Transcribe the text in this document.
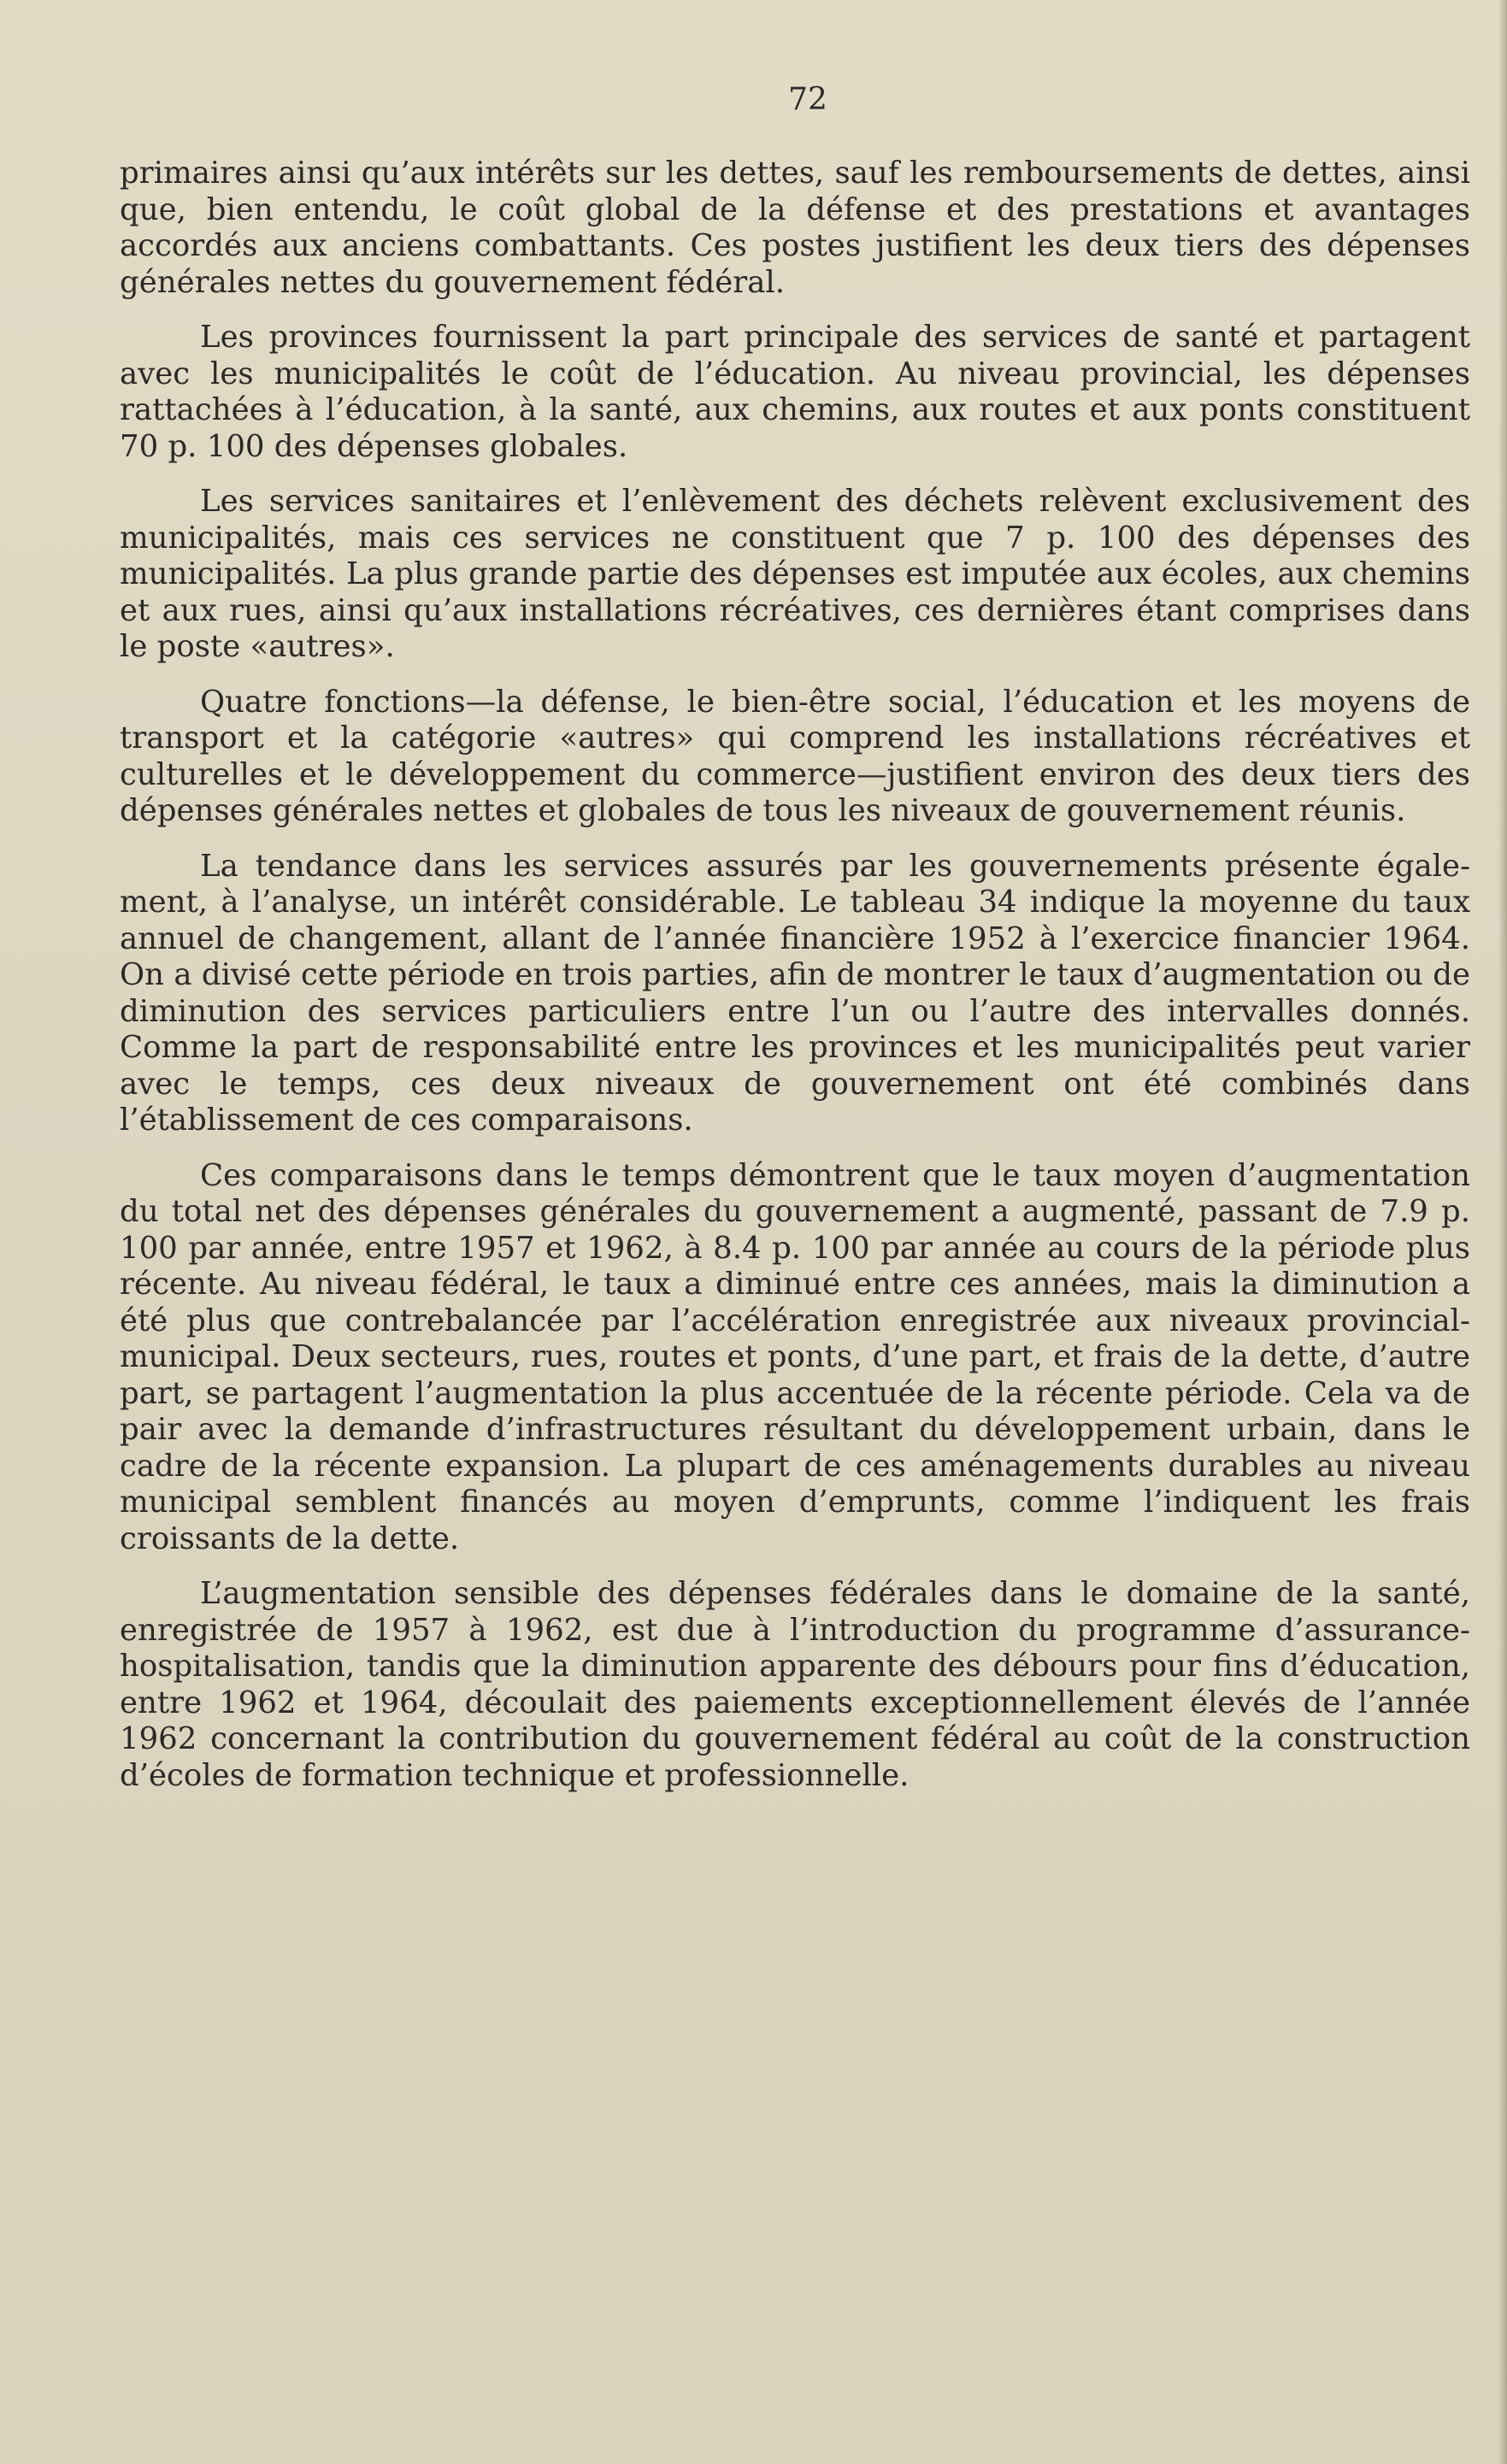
72

primaires ainsi qu’aux intérêts sur les dettes, sauf les remboursements de dettes, ainsi que, bien entendu, le coût global de la défense et des prestations et avantages accordés aux anciens combattants. Ces postes justifient les deux tiers des dépenses générales nettes du gouvernement fédéral.

Les provinces fournissent la part principale des services de santé et partagent avec les municipalités le coût de l’éducation. Au niveau provincial, les dépenses rattachées à l’éducation, à la santé, aux chemins, aux routes et aux ponts constituent 70 p. 100 des dépenses globales.

Les services sanitaires et l’enlèvement des déchets relèvent exclusivement des municipalités, mais ces services ne constituent que 7 p. 100 des dépenses des municipalités. La plus grande partie des dépenses est imputée aux écoles, aux chemins et aux rues, ainsi qu’aux installations récréatives, ces dernières étant comprises dans le poste «autres».

Quatre fonctions—la défense, le bien-être social, l’éducation et les moyens de transport et la catégorie «autres» qui comprend les installations récréatives et culturelles et le développement du commerce—justifient environ des deux tiers des dépenses générales nettes et globales de tous les niveaux de gouvernement réunis.

La tendance dans les services assurés par les gouvernements présente également, à l’analyse, un intérêt considérable. Le tableau 34 indique la moyenne du taux annuel de changement, allant de l’année financière 1952 à l’exercice financier 1964. On a divisé cette période en trois parties, afin de montrer le taux d’augmentation ou de diminution des services particuliers entre l’un ou l’autre des intervalles donnés. Comme la part de responsabilité entre les provinces et les municipalités peut varier avec le temps, ces deux niveaux de gouvernement ont été combinés dans l’établissement de ces comparaisons.

Ces comparaisons dans le temps démontrent que le taux moyen d’augmentation du total net des dépenses générales du gouvernement a augmenté, passant de 7.9 p. 100 par année, entre 1957 et 1962, à 8.4 p. 100 par année au cours de la période plus récente. Au niveau fédéral, le taux a diminué entre ces années, mais la diminution a été plus que contrebalancée par l’accélération enregistrée aux niveaux provincial-municipal. Deux secteurs, rues, routes et ponts, d’une part, et frais de la dette, d’autre part, se partagent l’augmentation la plus accentuée de la récente période. Cela va de pair avec la demande d’infrastructures résultant du développement urbain, dans le cadre de la récente expansion. La plupart de ces aménagements durables au niveau municipal semblent financés au moyen d’emprunts, comme l’indiquent les frais croissants de la dette.

L’augmentation sensible des dépenses fédérales dans le domaine de la santé, enregistrée de 1957 à 1962, est due à l’introduction du programme d’assurance-hospitalisation, tandis que la diminution apparente des débours pour fins d’éducation, entre 1962 et 1964, découlait des paiements exceptionnellement élevés de l’année 1962 concernant la contribution du gouvernement fédéral au coût de la construction d’écoles de formation technique et professionnelle.
